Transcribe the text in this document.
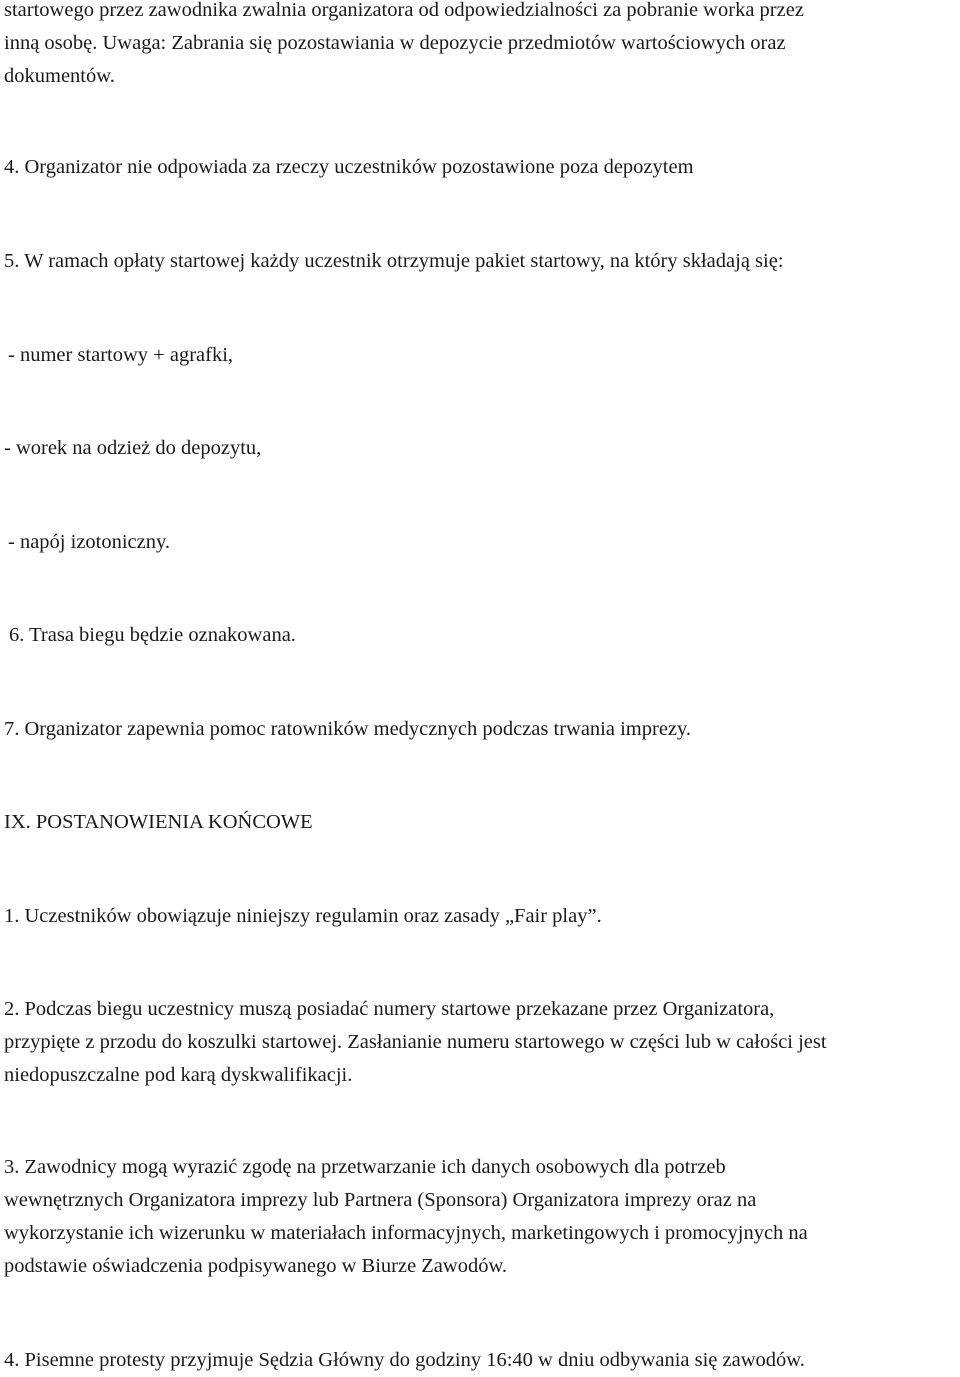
startowego przez zawodnika zwalnia organizatora od odpowiedzialności za pobranie worka przez
inną osobę. Uwaga: Zabrania się pozostawiania w depozycie przedmiotów wartościowych oraz
dokumentów.

4. Organizator nie odpowiada za rzeczy uczestników pozostawione poza depozytem

5. W ramach opłaty startowej każdy uczestnik otrzymuje pakiet startowy, na który składają się:

- numer startowy + agrafki,

- worek na odzież do depozytu,

- napój izotoniczny.

6. Trasa biegu będzie oznakowana.

7. Organizator zapewnia pomoc ratowników medycznych podczas trwania imprezy.

IX. POSTANOWIENIA KOŃCOWE

1. Uczestników obowiązuje niniejszy regulamin oraz zasady „Fair play”.

2. Podczas biegu uczestnicy muszą posiadać numery startowe przekazane przez Organizatora,
przypięte z przodu do koszulki startowej. Zasłanianie numeru startowego w części lub w całości jest
niedopuszczalne pod karą dyskwalifikacji.

3. Zawodnicy mogą wyrazić zgodę na przetwarzanie ich danych osobowych dla potrzeb
wewnętrznych Organizatora imprezy lub Partnera (Sponsora) Organizatora imprezy oraz na
wykorzystanie ich wizerunku w materiałach informacyjnych, marketingowych i promocyjnych na
podstawie oświadczenia podpisywanego w Biurze Zawodów.

4. Pisemne protesty przyjmuje Sędzia Główny do godziny 16:40 w dniu odbywania się zawodów.
